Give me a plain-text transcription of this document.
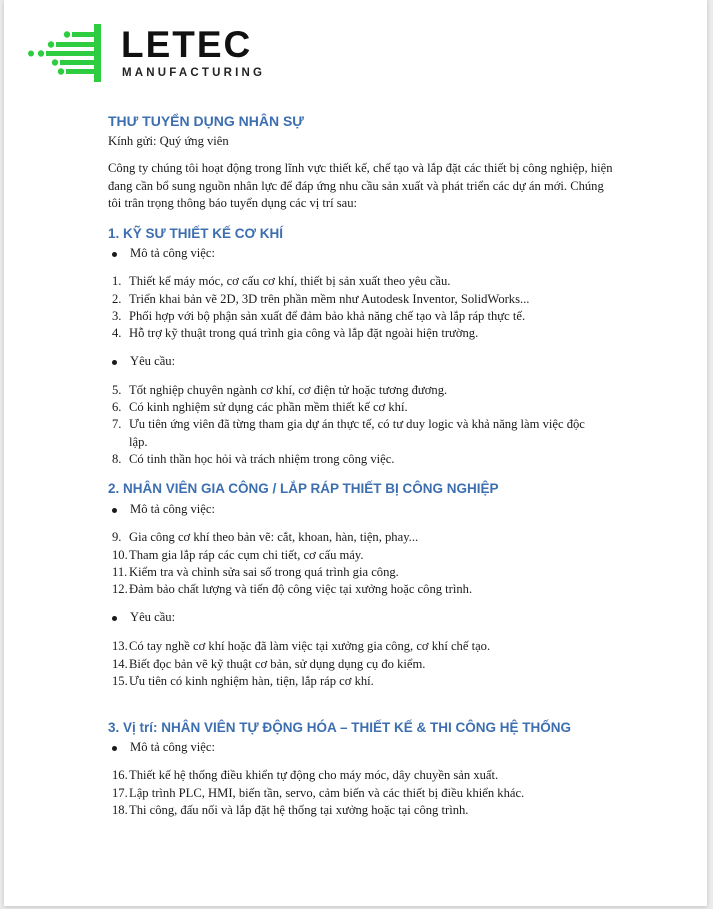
LETEC
MANUFACTURING
THƯ TUYỂN DỤNG NHÂN SỰ
Kính gửi: Quý ứng viên
Công ty chúng tôi hoạt động trong lĩnh vực thiết kế, chế tạo và lắp đặt các thiết bị công nghiệp, hiện đang cần bổ sung nguồn nhân lực để đáp ứng nhu cầu sản xuất và phát triển các dự án mới. Chúng tôi trân trọng thông báo tuyển dụng các vị trí sau:
1. KỸ SƯ THIẾT KẾ CƠ KHÍ
Mô tả công việc:
1. Thiết kế máy móc, cơ cấu cơ khí, thiết bị sản xuất theo yêu cầu.
2. Triển khai bản vẽ 2D, 3D trên phần mềm như Autodesk Inventor, SolidWorks...
3. Phối hợp với bộ phận sản xuất để đảm bảo khả năng chế tạo và lắp ráp thực tế.
4. Hỗ trợ kỹ thuật trong quá trình gia công và lắp đặt ngoài hiện trường.
Yêu cầu:
5. Tốt nghiệp chuyên ngành cơ khí, cơ điện tử hoặc tương đương.
6. Có kinh nghiệm sử dụng các phần mềm thiết kế cơ khí.
7. Ưu tiên ứng viên đã từng tham gia dự án thực tế, có tư duy logic và khả năng làm việc độc lập.
8. Có tinh thần học hỏi và trách nhiệm trong công việc.
2. NHÂN VIÊN GIA CÔNG / LẮP RÁP THIẾT BỊ CÔNG NGHIỆP
Mô tả công việc:
9. Gia công cơ khí theo bản vẽ: cắt, khoan, hàn, tiện, phay...
10. Tham gia lắp ráp các cụm chi tiết, cơ cấu máy.
11. Kiểm tra và chỉnh sửa sai số trong quá trình gia công.
12. Đảm bảo chất lượng và tiến độ công việc tại xưởng hoặc công trình.
Yêu cầu:
13. Có tay nghề cơ khí hoặc đã làm việc tại xưởng gia công, cơ khí chế tạo.
14. Biết đọc bản vẽ kỹ thuật cơ bản, sử dụng dụng cụ đo kiểm.
15. Ưu tiên có kinh nghiệm hàn, tiện, lắp ráp cơ khí.
3. Vị trí: NHÂN VIÊN TỰ ĐỘNG HÓA – THIẾT KẾ & THI CÔNG HỆ THỐNG
Mô tả công việc:
16. Thiết kế hệ thống điều khiển tự động cho máy móc, dây chuyền sản xuất.
17. Lập trình PLC, HMI, biến tần, servo, cảm biến và các thiết bị điều khiển khác.
18. Thi công, đấu nối và lắp đặt hệ thống tại xưởng hoặc tại công trình.
